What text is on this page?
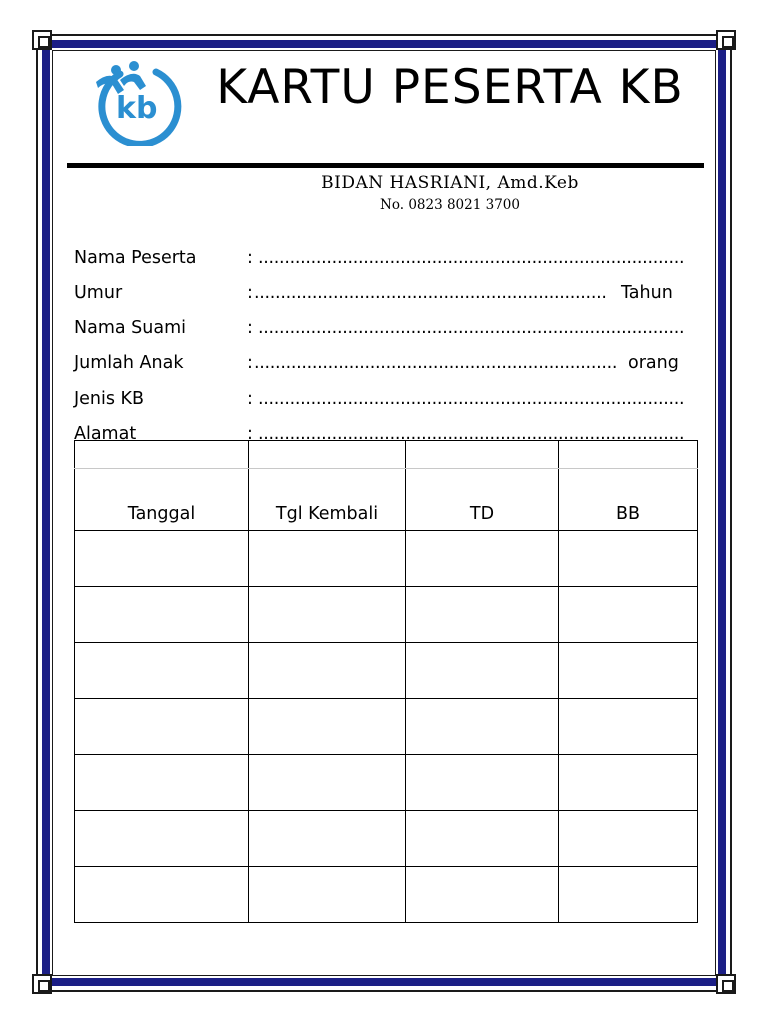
kb	KARTU PESERTA KB
BIDAN HASRIANI, Amd.Keb
No. 0823 8021 3700
Nama Peserta	: .................................................................................
Umur	: ................................................................... Tahun
Nama Suami	: .................................................................................
Jumlah Anak	: ..................................................................... orang
Jenis KB	: .................................................................................
Alamat	: .................................................................................

Tanggal	Tgl Kembali	TD	BB
